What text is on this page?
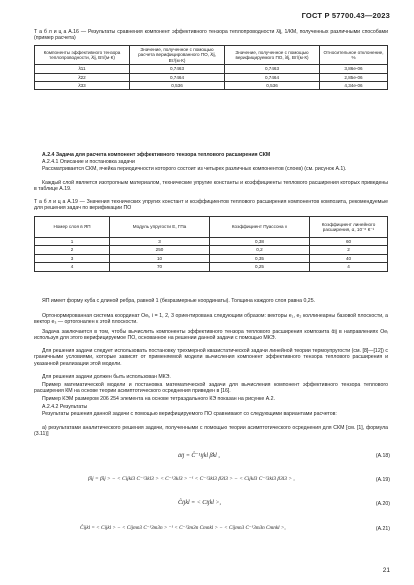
ГОСТ Р 57700.43—2023
Т а б л и ц а А.16 — Результаты сравнения компонент эффективного тензора теплопроводности λ̄ij, 1/КМ, полученных различными способами (пример расчета)
Компоненты эффективного тензора теплопроводности, λ̄ij, Вт/(м·К)	Значение, полученное с помощью расчета верифицированного ПО, λ̄ij, Вт/(м·К)	Значение, полученное с помощью верифицируемого ПО, λ̄ij, Вт/(м·К)	Относительное отклонение, %
λ̄11	0,7463	0,7463	3,86e-06
λ̄22	0,7464	0,7464	2,85e-06
λ̄33	0,536	0,536	4,34e-06
А.2.4 Задача для расчета компонент эффективного тензора теплового расширения СКМ
А.2.4.1 Описание и постановка задачи
Рассматривается СКМ, ячейка периодичности которого состоит из четырех различных компонентов (слоев) (см. рисунок А.1).
Каждый слой является изотропным материалом, технические упругие константы и коэффициенты теплового расширения которых приведены в таблице А.19.
Т а б л и ц а А.19 — Значения технических упругих констант и коэффициентов теплового расширения компонентов композита, рекомендуемые для решения задач по верификации ПО
Номер слоя в ЯП	Модуль упругости E, ГПа	Коэффициент Пуассона ν	Коэффициент линейного расширения, α, 10⁻⁶ К⁻¹
1	3	0,38	60
2	250	0,2	2
3	10	0,35	40
4	70	0,25	4
ЯП имеет форму куба с длиной ребра, равной 1 (безразмерные координаты). Толщина каждого слоя равна 0,25.
Ортонормированная система координат Oeᵢ, i = 1, 2, 3 ориентирована следующим образом: векторы e₁, e₂ коллинеарны базовой плоскости, а вектор e₃ — ортогонален к этой плоскости.
Задача заключается в том, чтобы вычислить компоненты эффективного тензора теплового расширения композита ᾱij в направлениях Oeᵢ используя для этого верифицируемое ПО, основанное на решении данной задачи с помощью МКЭ.
Для решения задачи следует использовать постановку трехмерной квазистатической задачи линейной теории термоупругости (см. [8]—[12]) с граничными условиями, которые зависят от применяемой модели вычисления компонент эффективного тензора теплового расширения и указанной реализации этой модели.
Для решения задачи должен быть использован МКЭ.
Пример математической модели и постановка математической задачи для вычисления компонент эффективного тензора теплового расширения КМ на основе теории асимптотического осреднения приведен в [16].
Пример КЭМ размером 206 254 элемента на основе тетраэдального КЭ показан на рисунке А.2.
А.2.4.2 Результаты
Результаты решения данной задачи с помощью верифицируемого ПО сравнивают со следующими вариантами расчетов:
а) результатами аналитического решения задачи, полученными с помощью теории асимптотического осреднения для СКМ [см. [1], формула (3.11)]
āij = Ĉ⁻¹ijkl β̄kl ,	(А.18)
β̄ij = β̄ij > − < Cijkl3 C⁻¹3kl3 > < C⁻¹3kl3 > ⁻¹ < C⁻¹3kl3 β3l3 > − < Cijkl3 C⁻¹3kl3 β3l3 > ,	(А.19)
Ĉijkl = < Cijkl >,	(А.20)
Ĉijkl = < Cijkl > − < Cijmn3 C⁻¹3m3n > ⁻¹ < C⁻¹3m3n Cmnkl > − < Cijmn3 C⁻¹3m3n Cmnkl >,	(А.21)
21
